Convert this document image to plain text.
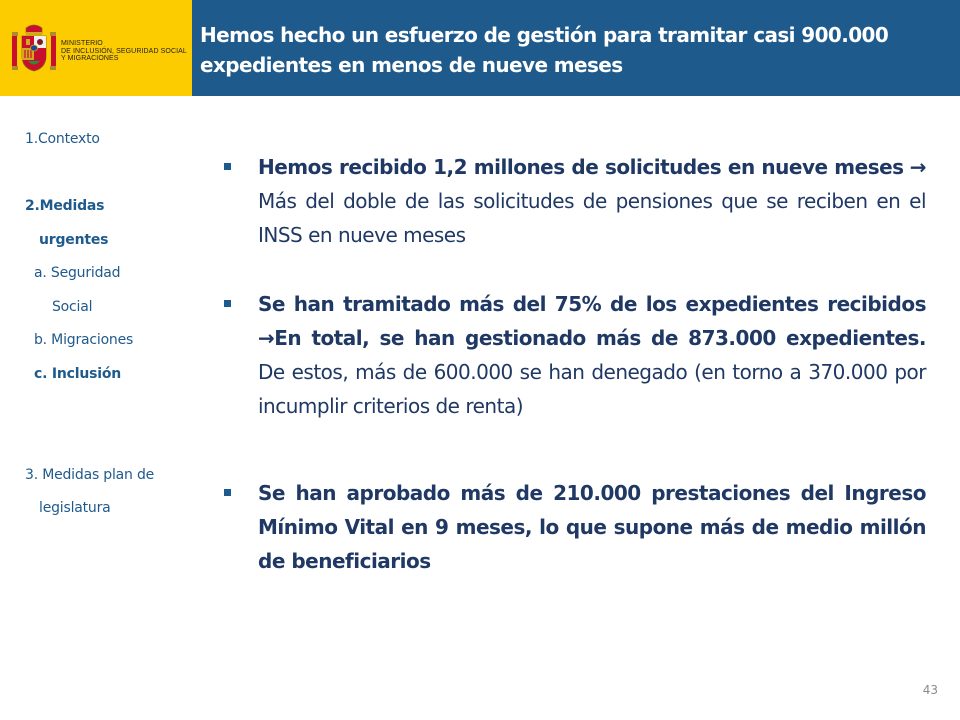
MINISTERIO
DE INCLUSIÓN, SEGURIDAD SOCIAL
Y MIGRACIONES
Hemos hecho un esfuerzo de gestión para tramitar casi 900.000 expedientes en menos de nueve meses
1.Contexto
2.Medidas
urgentes
a. Seguridad
Social
b. Migraciones
c. Inclusión
3. Medidas plan de
legislatura
Hemos recibido 1,2 millones de solicitudes en nueve meses → Más del doble de las solicitudes de pensiones que se reciben en el INSS en nueve meses
Se han tramitado más del 75% de los expedientes recibidos →En total, se han gestionado más de 873.000 expedientes. De estos, más de 600.000 se han denegado (en torno a 370.000 por incumplir criterios de renta)
Se han aprobado más de 210.000 prestaciones del Ingreso Mínimo Vital en 9 meses, lo que supone más de medio millón de beneficiarios
43
